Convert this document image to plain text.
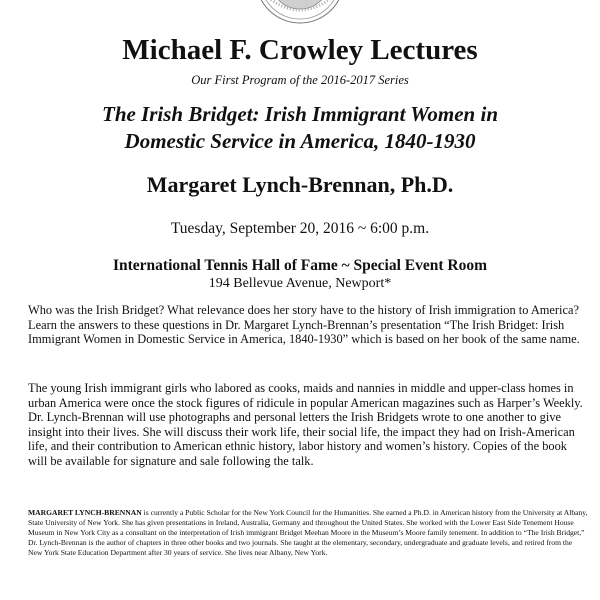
Michael F. Crowley Lectures
Our First Program of the 2016-2017 Series
The Irish Bridget: Irish Immigrant Women in
Domestic Service in America, 1840-1930
Margaret Lynch-Brennan, Ph.D.
Tuesday, September 20, 2016 ~ 6:00 p.m.
International Tennis Hall of Fame ~ Special Event Room
194 Bellevue Avenue, Newport*

Who was the Irish Bridget? What relevance does her story have to the history of Irish immigration to America? Learn the answers to these questions in Dr. Margaret Lynch-Brennan’s presentation “The Irish Bridget: Irish Immigrant Women in Domestic Service in America, 1840-1930” which is based on her book of the same name.

The young Irish immigrant girls who labored as cooks, maids and nannies in middle and upper-class homes in urban America were once the stock figures of ridicule in popular American magazines such as Harper’s Weekly. Dr. Lynch-Brennan will use photographs and personal letters the Irish Bridgets wrote to one another to give insight into their lives. She will discuss their work life, their social life, the impact they had on Irish-American life, and their contribution to American ethnic history, labor history and women’s history. Copies of the book will be available for signature and sale following the talk.

MARGARET LYNCH-BRENNAN is currently a Public Scholar for the New York Council for the Humanities. She earned a Ph.D. in American history from the University at Albany, State University of New York. She has given presentations in Ireland, Australia, Germany and throughout the United States. She worked with the Lower East Side Tenement House Museum in New York City as a consultant on the interpretation of Irish immigrant Bridget Meehan Moore in the Museum’s Moore family tenement. In addition to “The Irish Bridget,” Dr. Lynch-Brennan is the author of chapters in three other books and two journals. She taught at the elementary, secondary, undergraduate and graduate levels, and retired from the New York State Education Department after 30 years of service. She lives near Albany, New York.
